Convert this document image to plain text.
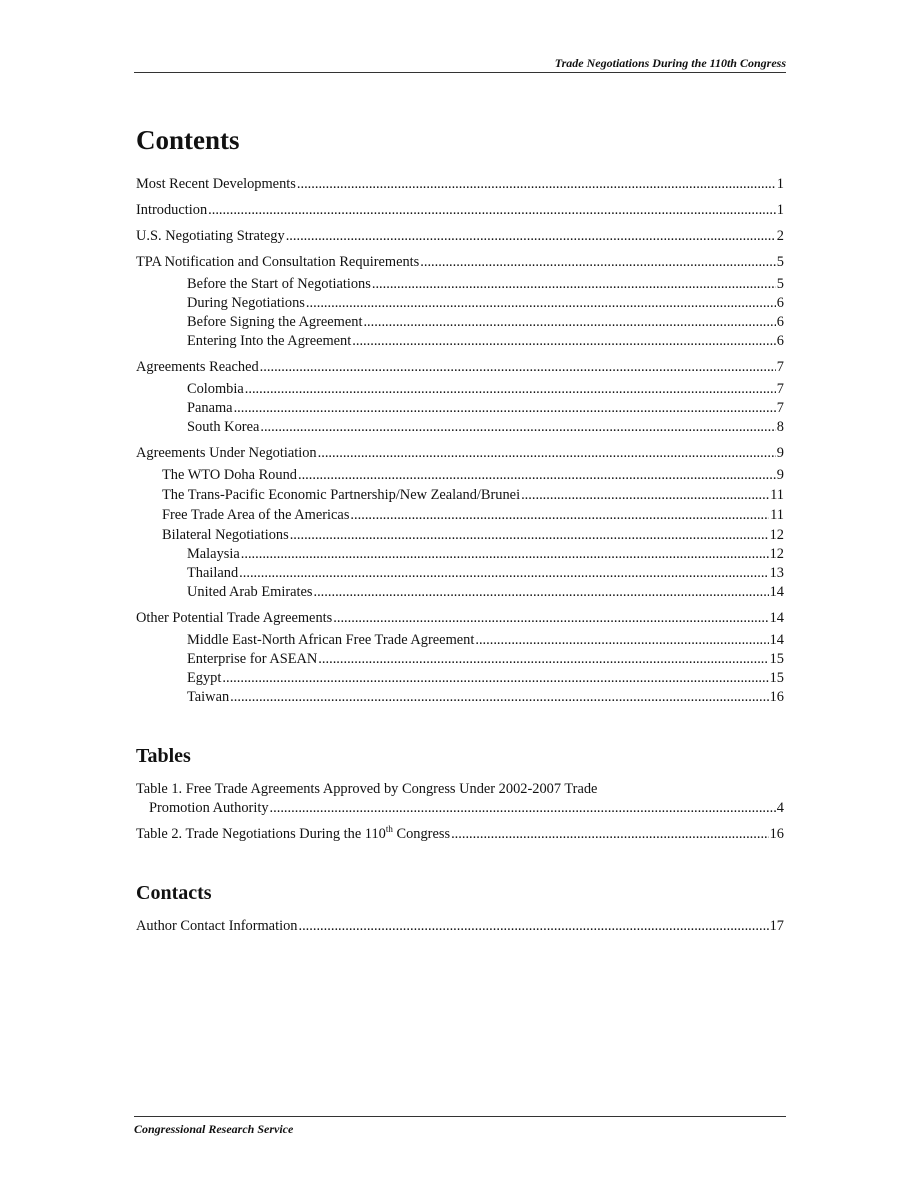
Trade Negotiations During the 110th Congress
Contents
Most Recent Developments .....	1
Introduction .....	1
U.S. Negotiating Strategy .....	2
TPA Notification and Consultation Requirements .....	5
Before the Start of Negotiations .....	5
During Negotiations .....	6
Before Signing the Agreement .....	6
Entering Into the Agreement .....	6
Agreements Reached .....	7
Colombia .....	7
Panama .....	7
South Korea .....	8
Agreements Under Negotiation .....	9
The WTO Doha Round .....	9
The Trans-Pacific Economic Partnership/New Zealand/Brunei .....	11
Free Trade Area of the Americas .....	11
Bilateral Negotiations .....	12
Malaysia .....	12
Thailand .....	13
United Arab Emirates .....	14
Other Potential Trade Agreements .....	14
Middle East-North African Free Trade Agreement .....	14
Enterprise for ASEAN .....	15
Egypt .....	15
Taiwan .....	16
Tables
Table 1. Free Trade Agreements Approved by Congress Under 2002-2007 Trade
Promotion Authority .....	4
Table 2. Trade Negotiations During the 110th Congress .....	16
Contacts
Author Contact Information .....	17
Congressional Research Service
